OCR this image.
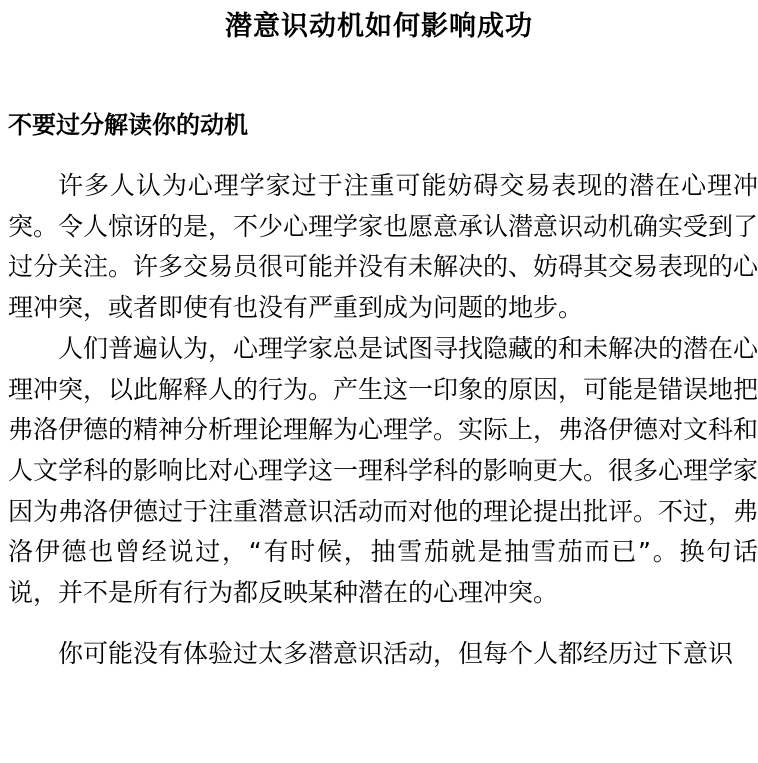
潜意识动机如何影响成功
不要过分解读你的动机

许多人认为心理学家过于注重可能妨碍交易表现的潜在心理冲突。令人惊讶的是，不少心理学家也愿意承认潜意识动机确实受到了过分关注。许多交易员很可能并没有未解决的、妨碍其交易表现的心理冲突，或者即使有也没有严重到成为问题的地步。

人们普遍认为，心理学家总是试图寻找隐藏的和未解决的潜在心理冲突，以此解释人的行为。产生这一印象的原因，可能是错误地把弗洛伊德的精神分析理论理解为心理学。实际上，弗洛伊德对文科和人文学科的影响比对心理学这一理科学科的影响更大。很多心理学家因为弗洛伊德过于注重潜意识活动而对他的理论提出批评。不过，弗洛伊德也曾经说过，“有时候，抽雪茄就是抽雪茄而已”。换句话说，并不是所有行为都反映某种潜在的心理冲突。

你可能没有体验过太多潜意识活动，但每个人都经历过下意识
